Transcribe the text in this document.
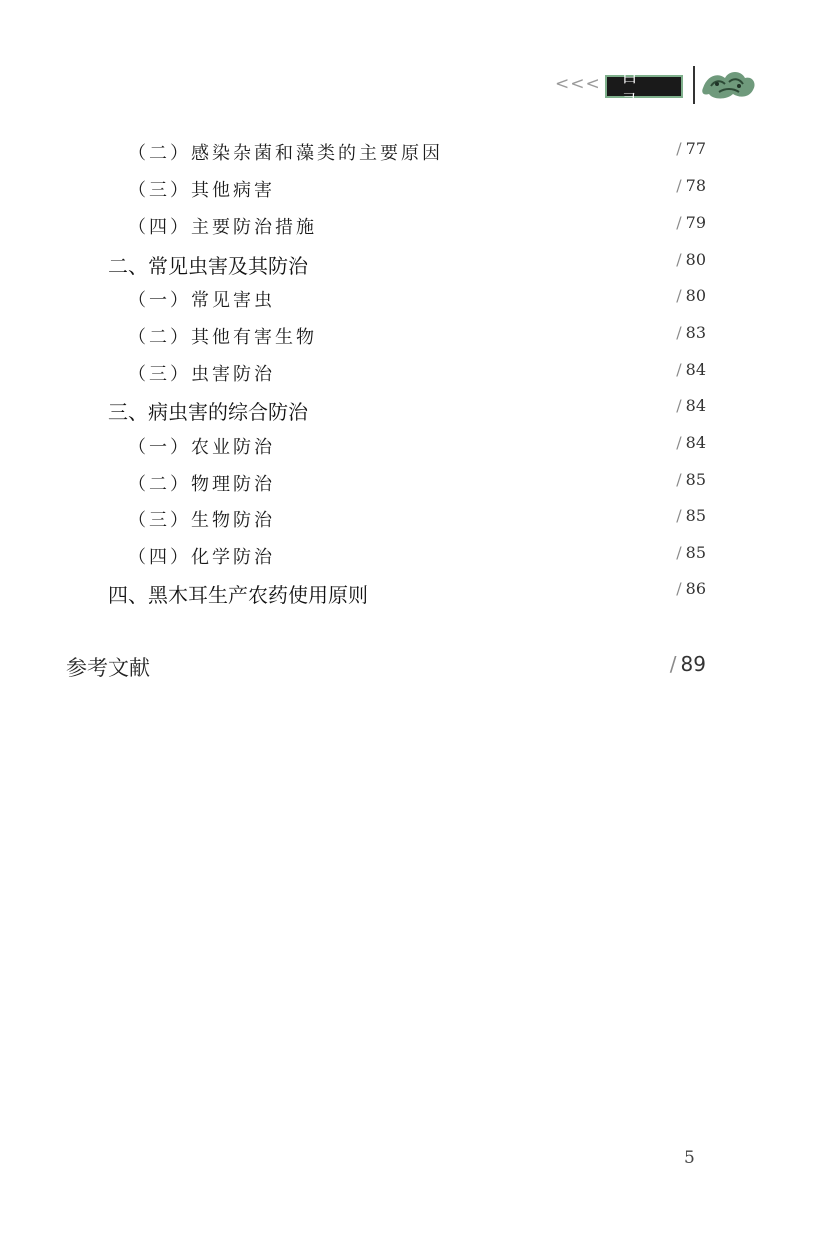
<<<	目 录
（二）感染杂菌和藻类的主要原因	/ 77
（三）其他病害	/ 78
（四）主要防治措施	/ 79
二、常见虫害及其防治	/ 80
（一）常见害虫	/ 80
（二）其他有害生物	/ 83
（三）虫害防治	/ 84
三、病虫害的综合防治	/ 84
（一）农业防治	/ 84
（二）物理防治	/ 85
（三）生物防治	/ 85
（四）化学防治	/ 85
四、黑木耳生产农药使用原则	/ 86
参考文献	/ 89
5
